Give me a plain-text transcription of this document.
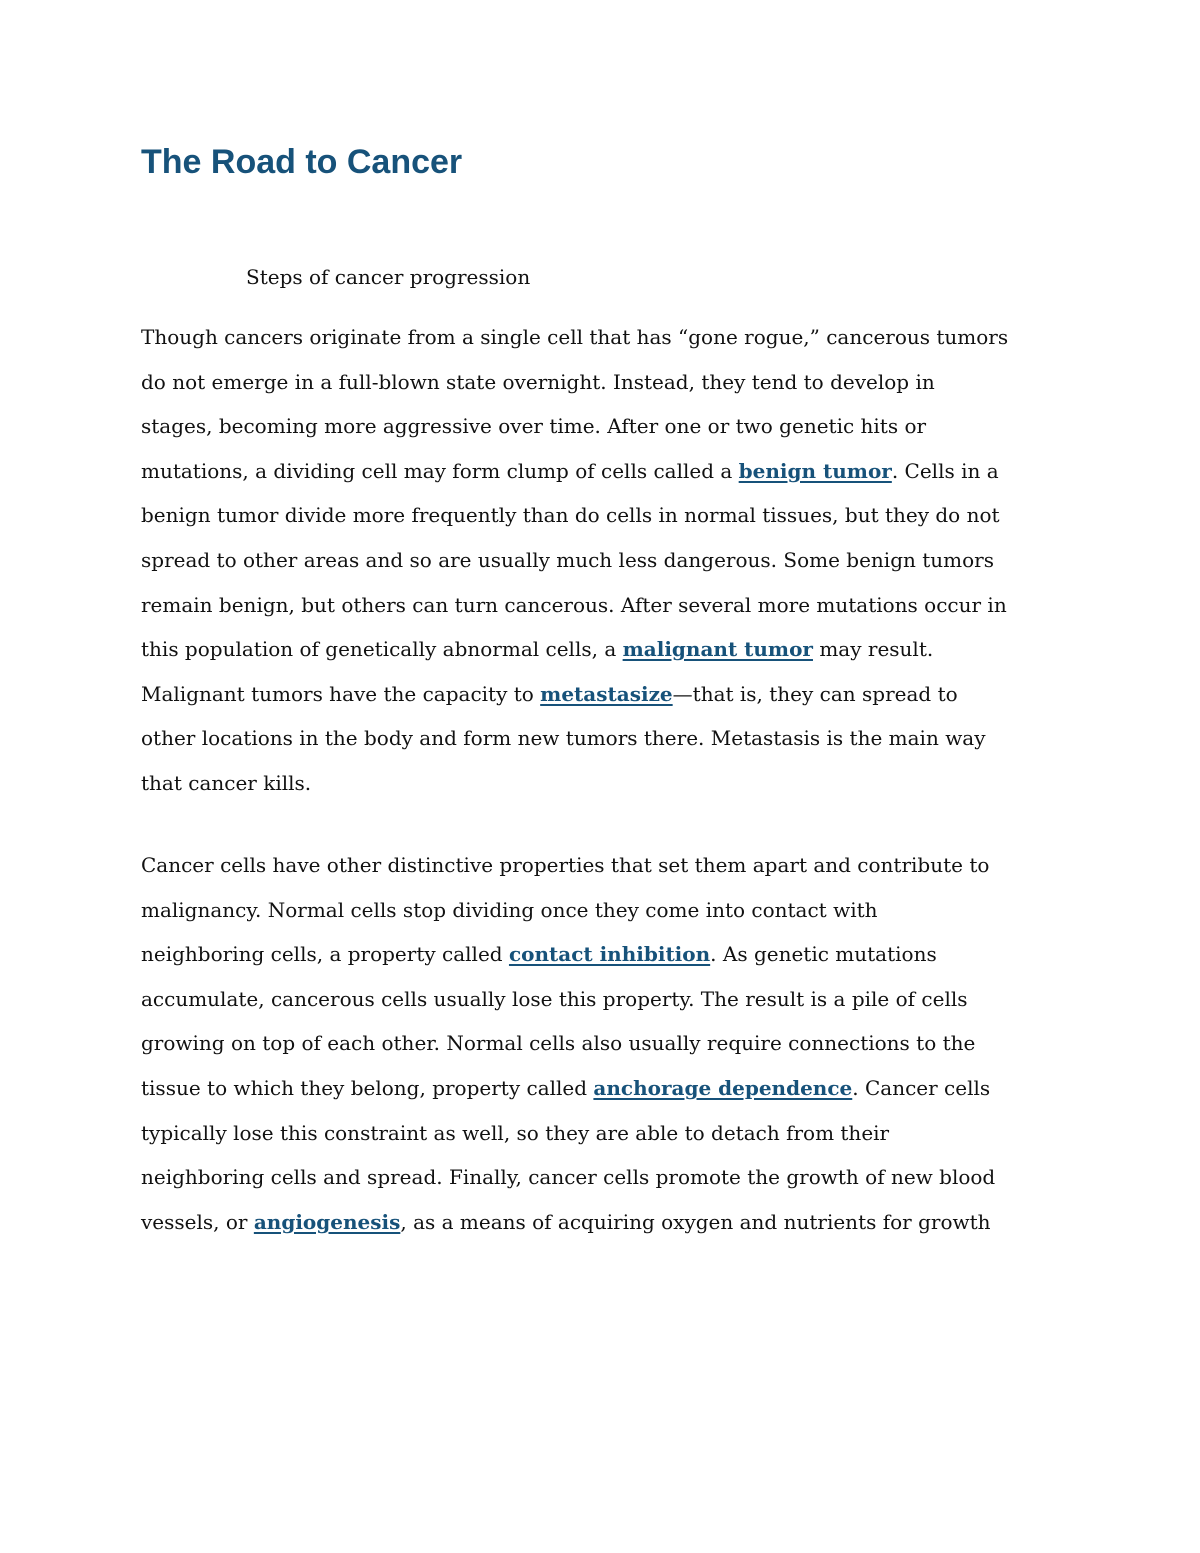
The Road to Cancer

Steps of cancer progression

Though cancers originate from a single cell that has “gone rogue,” cancerous tumors
do not emerge in a full-blown state overnight. Instead, they tend to develop in
stages, becoming more aggressive over time. After one or two genetic hits or
mutations, a dividing cell may form clump of cells called a benign tumor. Cells in a
benign tumor divide more frequently than do cells in normal tissues, but they do not
spread to other areas and so are usually much less dangerous. Some benign tumors
remain benign, but others can turn cancerous. After several more mutations occur in
this population of genetically abnormal cells, a malignant tumor may result.
Malignant tumors have the capacity to metastasize—that is, they can spread to
other locations in the body and form new tumors there. Metastasis is the main way
that cancer kills.

Cancer cells have other distinctive properties that set them apart and contribute to
malignancy. Normal cells stop dividing once they come into contact with
neighboring cells, a property called contact inhibition. As genetic mutations
accumulate, cancerous cells usually lose this property. The result is a pile of cells
growing on top of each other. Normal cells also usually require connections to the
tissue to which they belong, property called anchorage dependence. Cancer cells
typically lose this constraint as well, so they are able to detach from their
neighboring cells and spread. Finally, cancer cells promote the growth of new blood
vessels, or angiogenesis, as a means of acquiring oxygen and nutrients for growth
